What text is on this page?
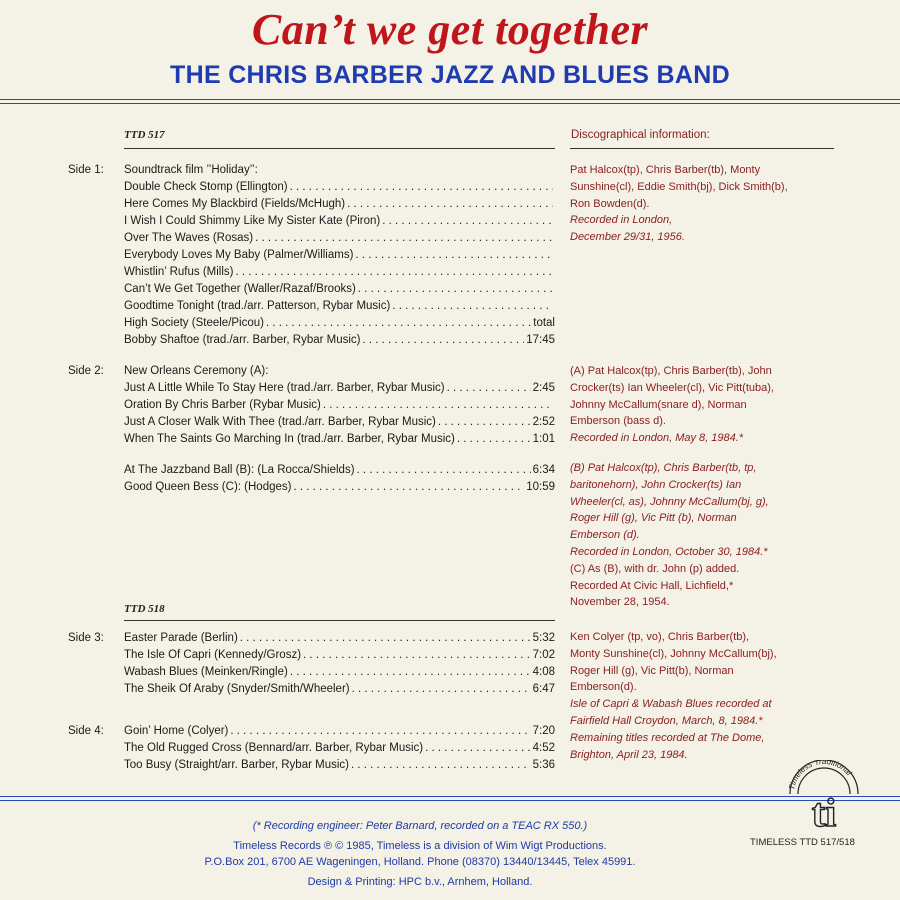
Can’t we get together
THE CHRIS BARBER JAZZ AND BLUES BAND
TTD 517	Discographical information:
Side 1: Soundtrack film ’’Holiday’’:
Double Check Stomp (Ellington)
. . .
Here Comes My Blackbird (Fields/McHugh)
. . .
I Wish I Could Shimmy Like My Sister Kate (Piron)
. . .
Over The Waves (Rosas)
. . .
Everybody Loves My Baby (Palmer/Williams)
. . .
Whistlin’ Rufus (Mills)
. . .
Can’t We Get Together (Waller/Razaf/Brooks)
. . .
Goodtime Tonight (trad./arr. Patterson, Rybar Music)
. . .
High Society (Steele/Picou) . . .	total
Bobby Shaftoe (trad./arr. Barber, Rybar Music) . . .	17:45
Side 2: New Orleans Ceremony (A):
Just A Little While To Stay Here (trad./arr. Barber, Rybar Music) . . .	2:45
Oration By Chris Barber (Rybar Music)
. . .
Just A Closer Walk With Thee (trad./arr. Barber, Rybar Music) . . .	2:52
When The Saints Go Marching In (trad./arr. Barber, Rybar Music) . . .	1:01
At The Jazzband Ball (B): (La Rocca/Shields) . . .	6:34
Good Queen Bess (C): (Hodges) . . .	10:59
TTD 518
Side 3: Easter Parade (Berlin) . . .	5:32
The Isle Of Capri (Kennedy/Grosz) . . .	7:02
Wabash Blues (Meinken/Ringle) . . .	4:08
The Sheik Of Araby (Snyder/Smith/Wheeler) . . .	6:47
Side 4: Goin’ Home (Colyer) . . .	7:20
The Old Rugged Cross (Bennard/arr. Barber, Rybar Music) . . .	4:52
Too Busy (Straight/arr. Barber, Rybar Music) . . .	5:36
Pat Halcox(tp), Chris Barber(tb), Monty
Sunshine(cl), Eddie Smith(bj), Dick Smith(b),
Ron Bowden(d).
Recorded in London,
December 29/31, 1956.
(A) Pat Halcox(tp), Chris Barber(tb), John
Crocker(ts) Ian Wheeler(cl), Vic Pitt(tuba),
Johnny McCallum(snare d), Norman
Emberson (bass d).
Recorded in London, May 8, 1984.*
(B) Pat Halcox(tp), Chris Barber(tb, tp,
baritonehorn), John Crocker(ts) Ian
Wheeler(cl, as), Johnny McCallum(bj, g),
Roger Hill (g), Vic Pitt (b), Norman
Emberson (d).
Recorded in London, October 30, 1984.*
(C) As (B), with dr. John (p) added.
Recorded At Civic Hall, Lichfield,*
November 28, 1954.
Ken Colyer (tp, vo), Chris Barber(tb),
Monty Sunshine(cl), Johnny McCallum(bj),
Roger Hill (g), Vic Pitt(b), Norman
Emberson(d).
Isle of Capri & Wabash Blues recorded at
Fairfield Hall Croydon, March, 8, 1984.*
Remaining titles recorded at The Dome,
Brighton, April 23, 1984.
(* Recording engineer: Peter Barnard, recorded on a TEAC RX 550.)
Timeless Records ℗ © 1985, Timeless is a division of Wim Wigt Productions.
P.O.Box 201, 6700 AE Wageningen, Holland. Phone (08370) 13440/13445, Telex 45991.
Design & Printing: HPC b.v., Arnhem, Holland.
Timeless Traditional
ti
TIMELESS TTD 517/518
